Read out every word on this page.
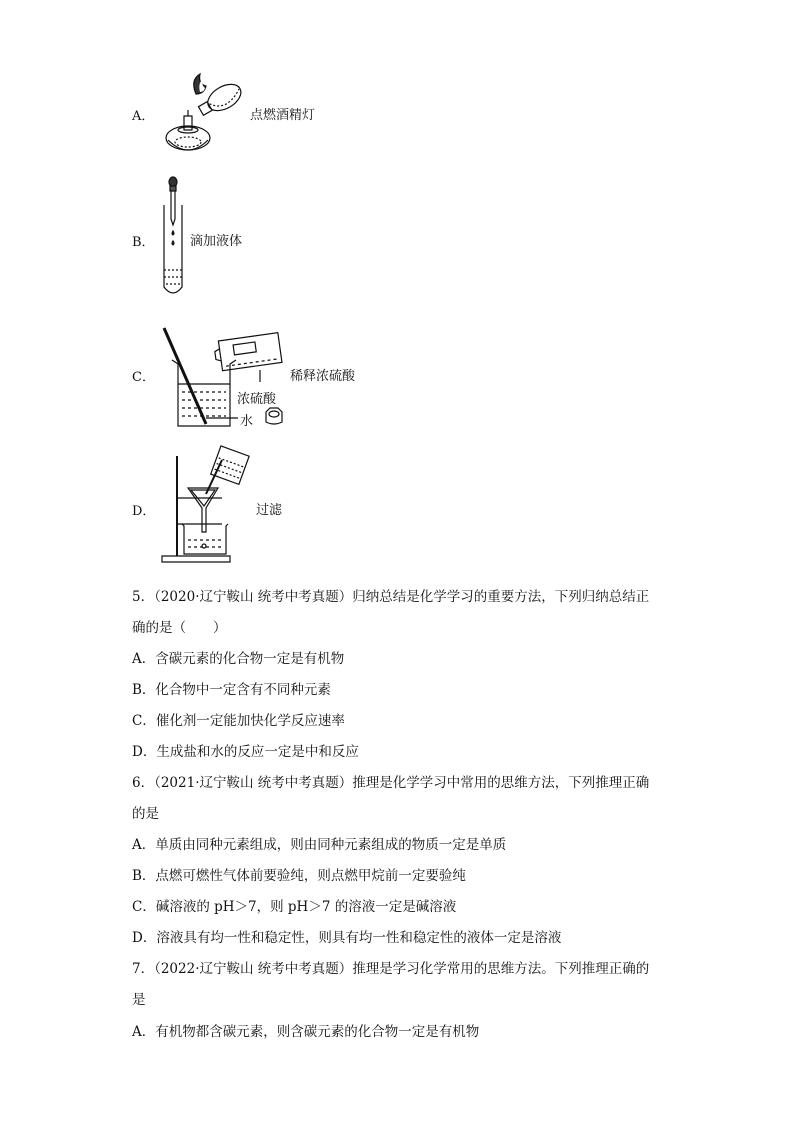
A．	点燃酒精灯
B．	滴加液体
C．	稀释浓硫酸
浓硫酸
水
D．	过滤
5．（2020·辽宁鞍山 统考中考真题）归纳总结是化学学习的重要方法，下列归纳总结正
确的是（　　）
A．含碳元素的化合物一定是有机物
B．化合物中一定含有不同种元素
C．催化剂一定能加快化学反应速率
D．生成盐和水的反应一定是中和反应
6．（2021·辽宁鞍山 统考中考真题）推理是化学学习中常用的思维方法，下列推理正确
的是
A．单质由同种元素组成，则由同种元素组成的物质一定是单质
B．点燃可燃性气体前要验纯，则点燃甲烷前一定要验纯
C．碱溶液的 pH＞7，则 pH＞7 的溶液一定是碱溶液
D．溶液具有均一性和稳定性，则具有均一性和稳定性的液体一定是溶液
7．（2022·辽宁鞍山 统考中考真题）推理是学习化学常用的思维方法。下列推理正确的
是
A．有机物都含碳元素，则含碳元素的化合物一定是有机物
